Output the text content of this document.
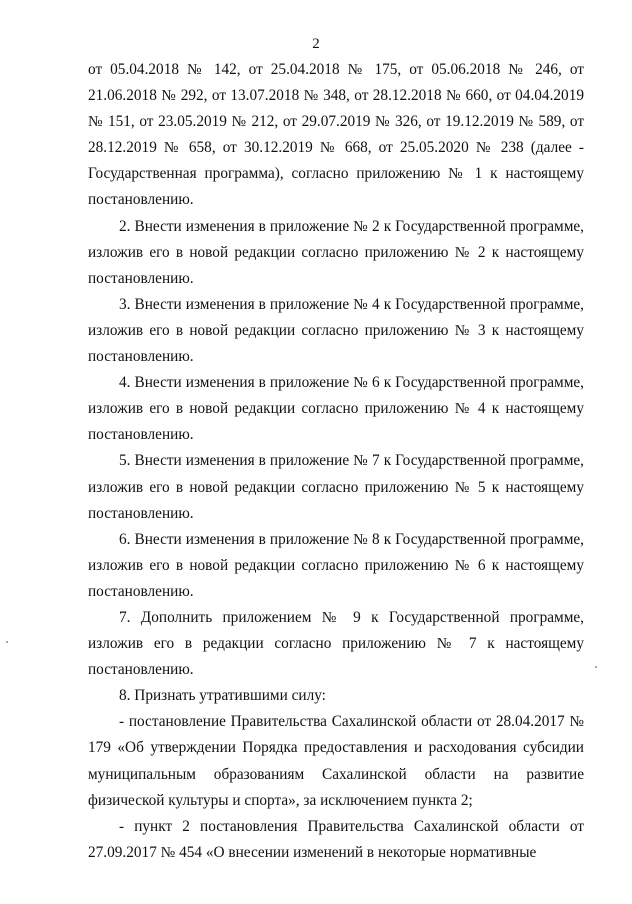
2

от 05.04.2018 № 142, от 25.04.2018 № 175, от 05.06.2018 № 246, от 21.06.2018 № 292, от 13.07.2018 № 348, от 28.12.2018 № 660, от 04.04.2019 № 151, от 23.05.2019 № 212, от 29.07.2019 № 326, от 19.12.2019 № 589, от 28.12.2019 № 658, от 30.12.2019 № 668, от 25.05.2020 № 238 (далее - Государственная программа), согласно приложению № 1 к настоящему постановлению.

2. Внести изменения в приложение № 2 к Государственной программе, изложив его в новой редакции согласно приложению № 2 к настоящему постановлению.

3. Внести изменения в приложение № 4 к Государственной программе, изложив его в новой редакции согласно приложению № 3 к настоящему постановлению.

4. Внести изменения в приложение № 6 к Государственной программе, изложив его в новой редакции согласно приложению № 4 к настоящему постановлению.

5. Внести изменения в приложение № 7 к Государственной программе, изложив его в новой редакции согласно приложению № 5 к настоящему постановлению.

6. Внести изменения в приложение № 8 к Государственной программе, изложив его в новой редакции согласно приложению № 6 к настоящему постановлению.

7. Дополнить приложением № 9 к Государственной программе, изложив его в редакции согласно приложению № 7 к настоящему постановлению.

8. Признать утратившими силу:

- постановление Правительства Сахалинской области от 28.04.2017 № 179 «Об утверждении Порядка предоставления и расходования субсидии муниципальным образованиям Сахалинской области на развитие физической культуры и спорта», за исключением пункта 2;

- пункт 2 постановления Правительства Сахалинской области от 27.09.2017 № 454 «О внесении изменений в некоторые нормативные
